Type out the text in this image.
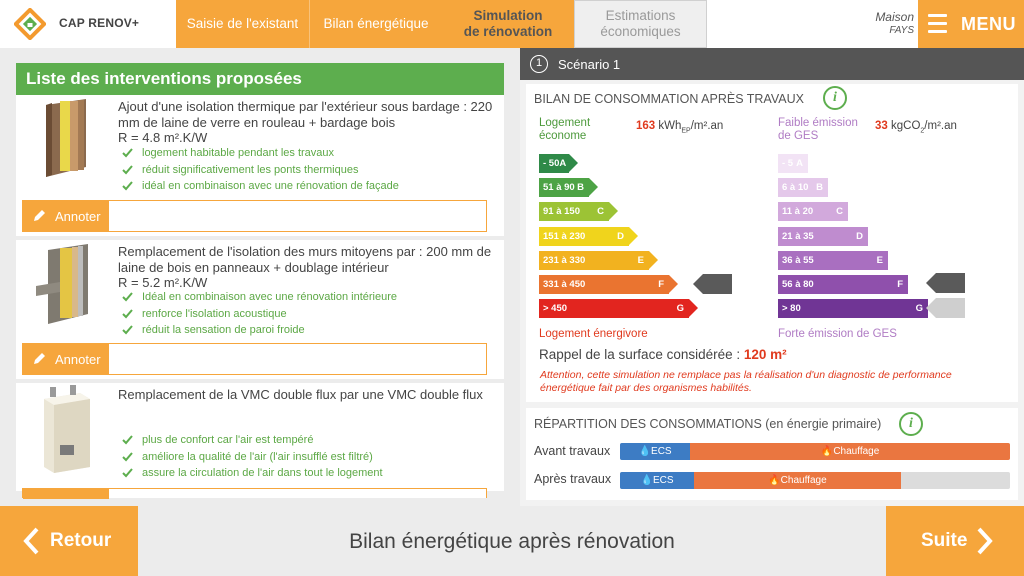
CAP RENOV+	Saisie de l'existant Bilan énergétique
Simulation
de rénovation
Estimations
économiques
Maison
FAYS	MENU
Liste des interventions proposées
Ajout d'une isolation thermique par l'extérieur sous bardage : 220 mm de laine de verre en rouleau + bardage bois
R = 4.8 m².K/W
logement habitable pendant les travaux
réduit significativement les ponts thermiques
idéal en combinaison avec une rénovation de façade
Annoter
Remplacement de l'isolation des murs mitoyens par : 200 mm de laine de bois en panneaux + doublage intérieur
R = 5.2 m².K/W
Idéal en combinaison avec une rénovation intérieure
renforce l'isolation acoustique
réduit la sensation de paroi froide
Annoter
Remplacement de la VMC double flux par une VMC double flux
plus de confort car l'air est tempéré
améliore la qualité de l'air (l'air insufflé est filtré)
assure la circulation de l'air dans tout le logement
1	Scénario 1
BILAN DE CONSOMMATION APRÈS TRAVAUX	i
Logement
économe
163 kWh$_{EP}$/m².an	Faible émission
de GES
33 kgCO$_2$/m².an
- 50A
51 à 90 B
91 à 150 C
151 à 230	D
231 à 330	E
331 à 450	F
> 450	G
- 5 A
6 à 10 B
11 à 20 C
21 à 35	D
36 à 55	E
56 à 80	F
> 80	G
Logement énergivore	Forte émission de GES
Rappel de la surface considérée : 120 m²
Attention, cette simulation ne remplace pas la réalisation d'un diagnostic de performance énergétique fait par des organismes habilités.
RÉPARTITION DES CONSOMMATIONS (en énergie primaire)	i
Avant travaux	💧ECS	🔥Chauffage
Après travaux	💧ECS	🔥Chauffage
Retour	Bilan énergétique après rénovation	Suite
